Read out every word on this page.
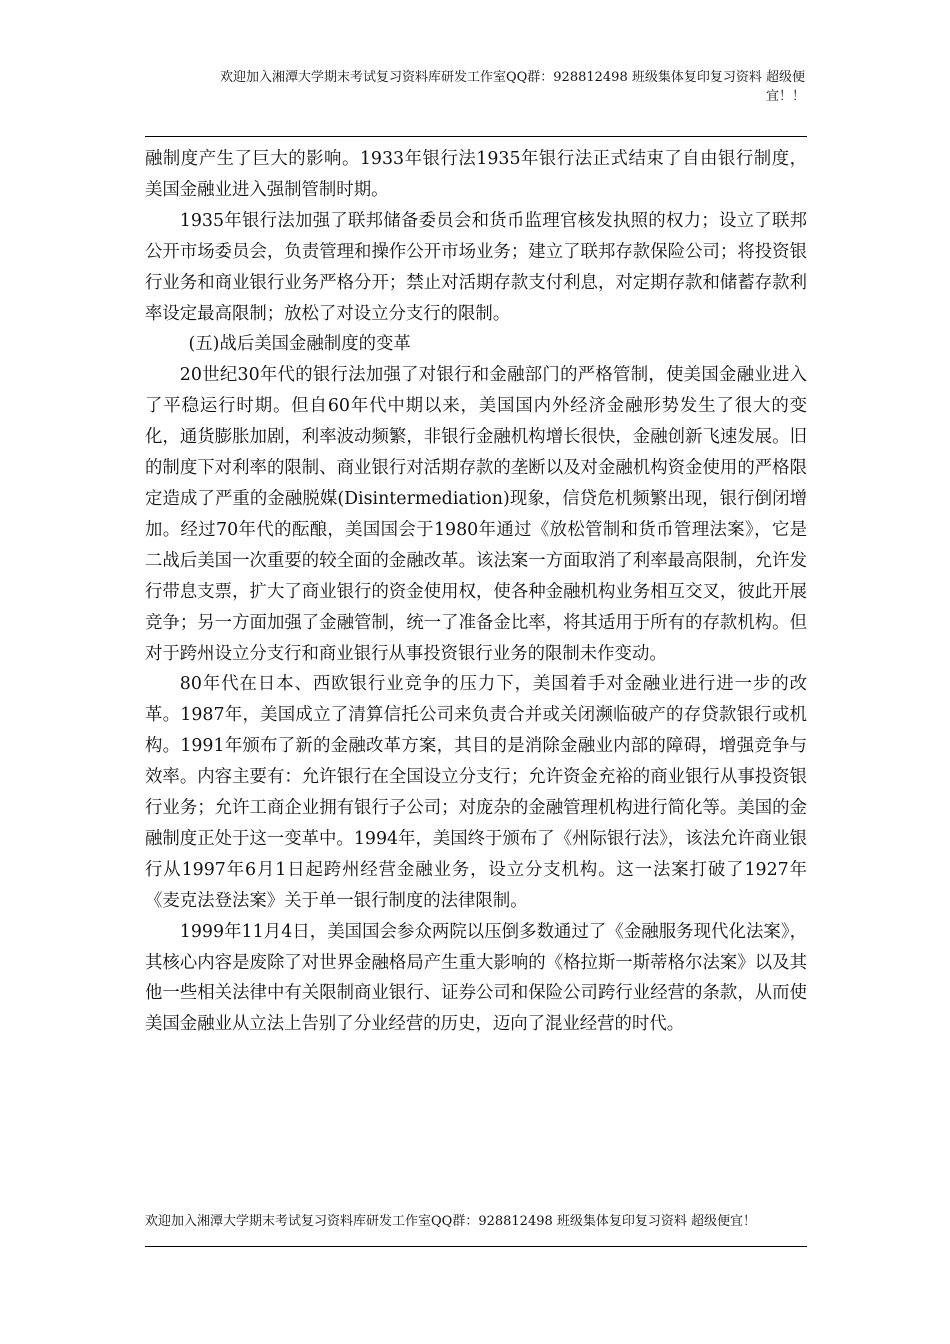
欢迎加入湘潭大学期末考试复习资料库研发工作室QQ群：928812498 班级集体复印复习资料 超级便
宜！！

融制度产生了巨大的影响。1933年银行法1935年银行法正式结束了自由银行制度，美国金融业进入强制管制时期。

1935年银行法加强了联邦储备委员会和货币监理官核发执照的权力；设立了联邦公开市场委员会，负责管理和操作公开市场业务；建立了联邦存款保险公司；将投资银行业务和商业银行业务严格分开；禁止对活期存款支付利息，对定期存款和储蓄存款利率设定最高限制；放松了对设立分支行的限制。

(五)战后美国金融制度的变革

20世纪30年代的银行法加强了对银行和金融部门的严格管制，使美国金融业进入了平稳运行时期。但自60年代中期以来，美国国内外经济金融形势发生了很大的变化，通货膨胀加剧，利率波动频繁，非银行金融机构增长很快，金融创新飞速发展。旧的制度下对利率的限制、商业银行对活期存款的垄断以及对金融机构资金使用的严格限定造成了严重的金融脱媒(Disintermediation)现象，信贷危机频繁出现，银行倒闭增加。经过70年代的酝酿，美国国会于1980年通过《放松管制和货币管理法案》，它是二战后美国一次重要的较全面的金融改革。该法案一方面取消了利率最高限制，允许发行带息支票，扩大了商业银行的资金使用权，使各种金融机构业务相互交叉，彼此开展竞争；另一方面加强了金融管制，统一了准备金比率，将其适用于所有的存款机构。但对于跨州设立分支行和商业银行从事投资银行业务的限制未作变动。

80年代在日本、西欧银行业竞争的压力下，美国着手对金融业进行进一步的改革。1987年，美国成立了清算信托公司来负责合并或关闭濒临破产的存贷款银行或机构。1991年颁布了新的金融改革方案，其目的是消除金融业内部的障碍，增强竞争与效率。内容主要有：允许银行在全国设立分支行；允许资金充裕的商业银行从事投资银行业务；允许工商企业拥有银行子公司；对庞杂的金融管理机构进行简化等。美国的金融制度正处于这一变革中。1994年，美国终于颁布了《州际银行法》，该法允许商业银行从1997年6月1日起跨州经营金融业务，设立分支机构。这一法案打破了1927年《麦克法登法案》关于单一银行制度的法律限制。

1999年11月4日，美国国会参众两院以压倒多数通过了《金融服务现代化法案》，其核心内容是废除了对世界金融格局产生重大影响的《格拉斯一斯蒂格尔法案》以及其他一些相关法律中有关限制商业银行、证券公司和保险公司跨行业经营的条款，从而使美国金融业从立法上告别了分业经营的历史，迈向了混业经营的时代。

欢迎加入湘潭大学期末考试复习资料库研发工作室QQ群：928812498 班级集体复印复习资料 超级便宜！
